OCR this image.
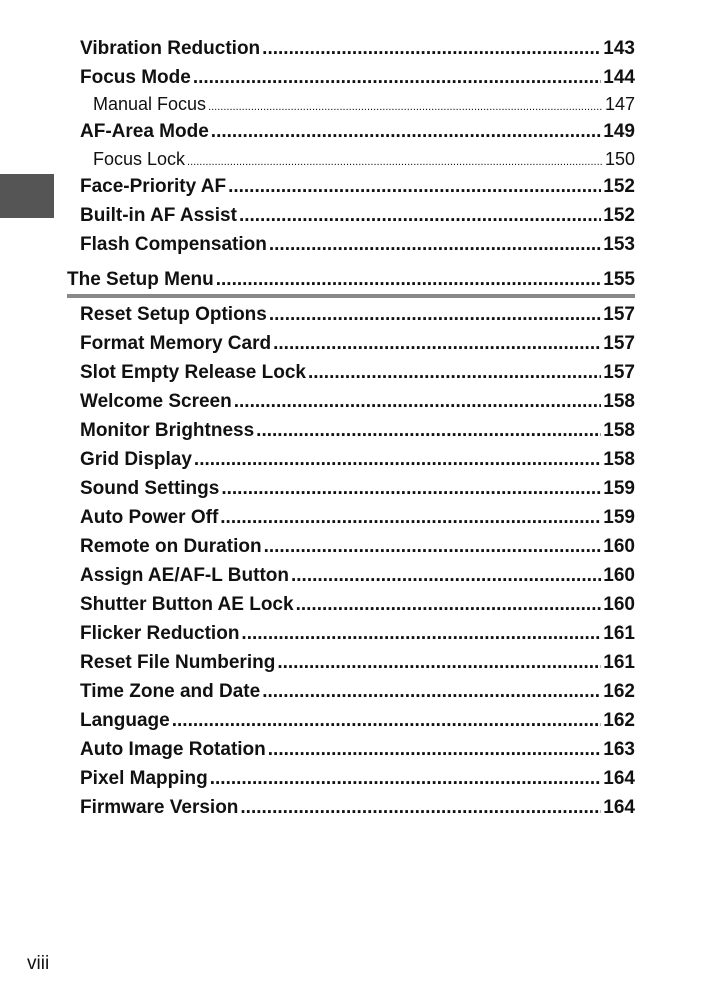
Vibration Reduction .....	143
Focus Mode .....	144
Manual Focus .....	147
AF-Area Mode .....	149
Focus Lock .....	150
Face-Priority AF .....	152
Built-in AF Assist .....	152
Flash Compensation .....	153
The Setup Menu .....	155
Reset Setup Options .....	157
Format Memory Card .....	157
Slot Empty Release Lock .....	157
Welcome Screen .....	158
Monitor Brightness .....	158
Grid Display .....	158
Sound Settings .....	159
Auto Power Off .....	159
Remote on Duration .....	160
Assign AE/AF-L Button .....	160
Shutter Button AE Lock .....	160
Flicker Reduction .....	161
Reset File Numbering .....	161
Time Zone and Date .....	162
Language .....	162
Auto Image Rotation .....	163
Pixel Mapping .....	164
Firmware Version .....	164
viii
